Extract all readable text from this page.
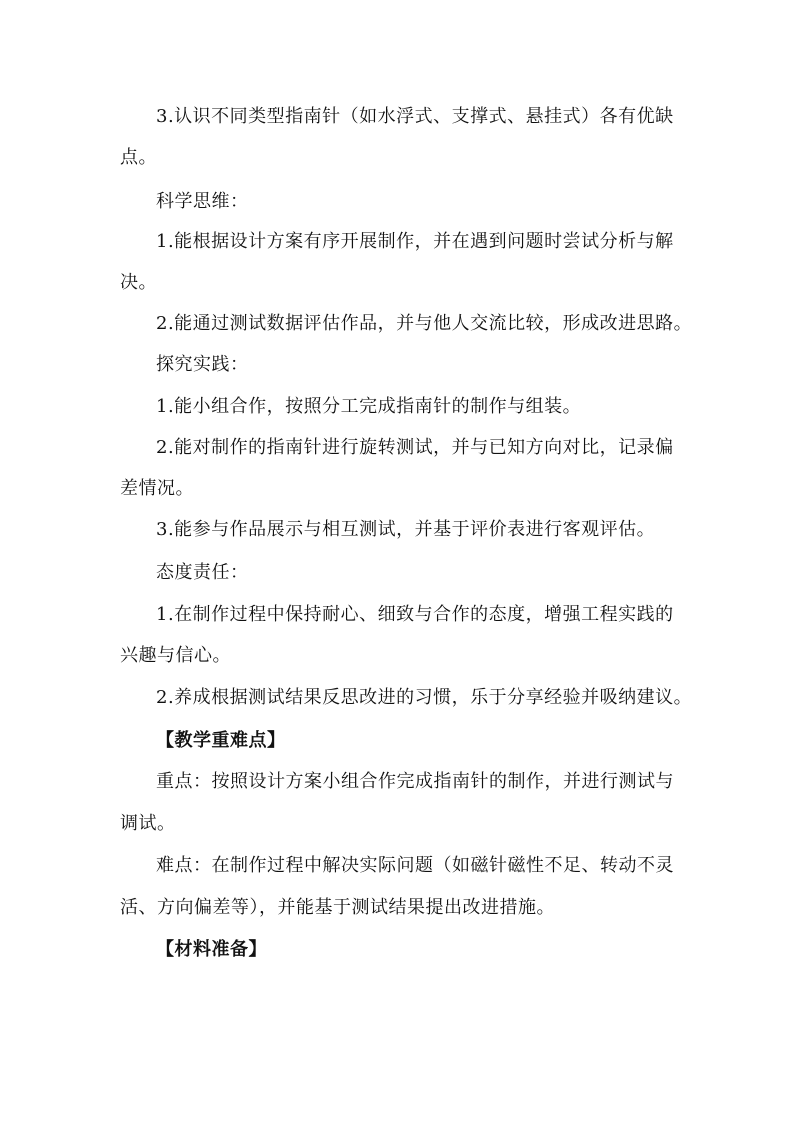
3.认识不同类型指南针（如水浮式、支撑式、悬挂式）各有优缺
点。
科学思维：
1.能根据设计方案有序开展制作，并在遇到问题时尝试分析与解
决。
2.能通过测试数据评估作品，并与他人交流比较，形成改进思路。
探究实践：
1.能小组合作，按照分工完成指南针的制作与组装。
2.能对制作的指南针进行旋转测试，并与已知方向对比，记录偏
差情况。
3.能参与作品展示与相互测试，并基于评价表进行客观评估。
态度责任：
1.在制作过程中保持耐心、细致与合作的态度，增强工程实践的
兴趣与信心。
2.养成根据测试结果反思改进的习惯，乐于分享经验并吸纳建议。
【教学重难点】
重点：按照设计方案小组合作完成指南针的制作，并进行测试与
调试。
难点：在制作过程中解决实际问题（如磁针磁性不足、转动不灵
活、方向偏差等），并能基于测试结果提出改进措施。
【材料准备】
